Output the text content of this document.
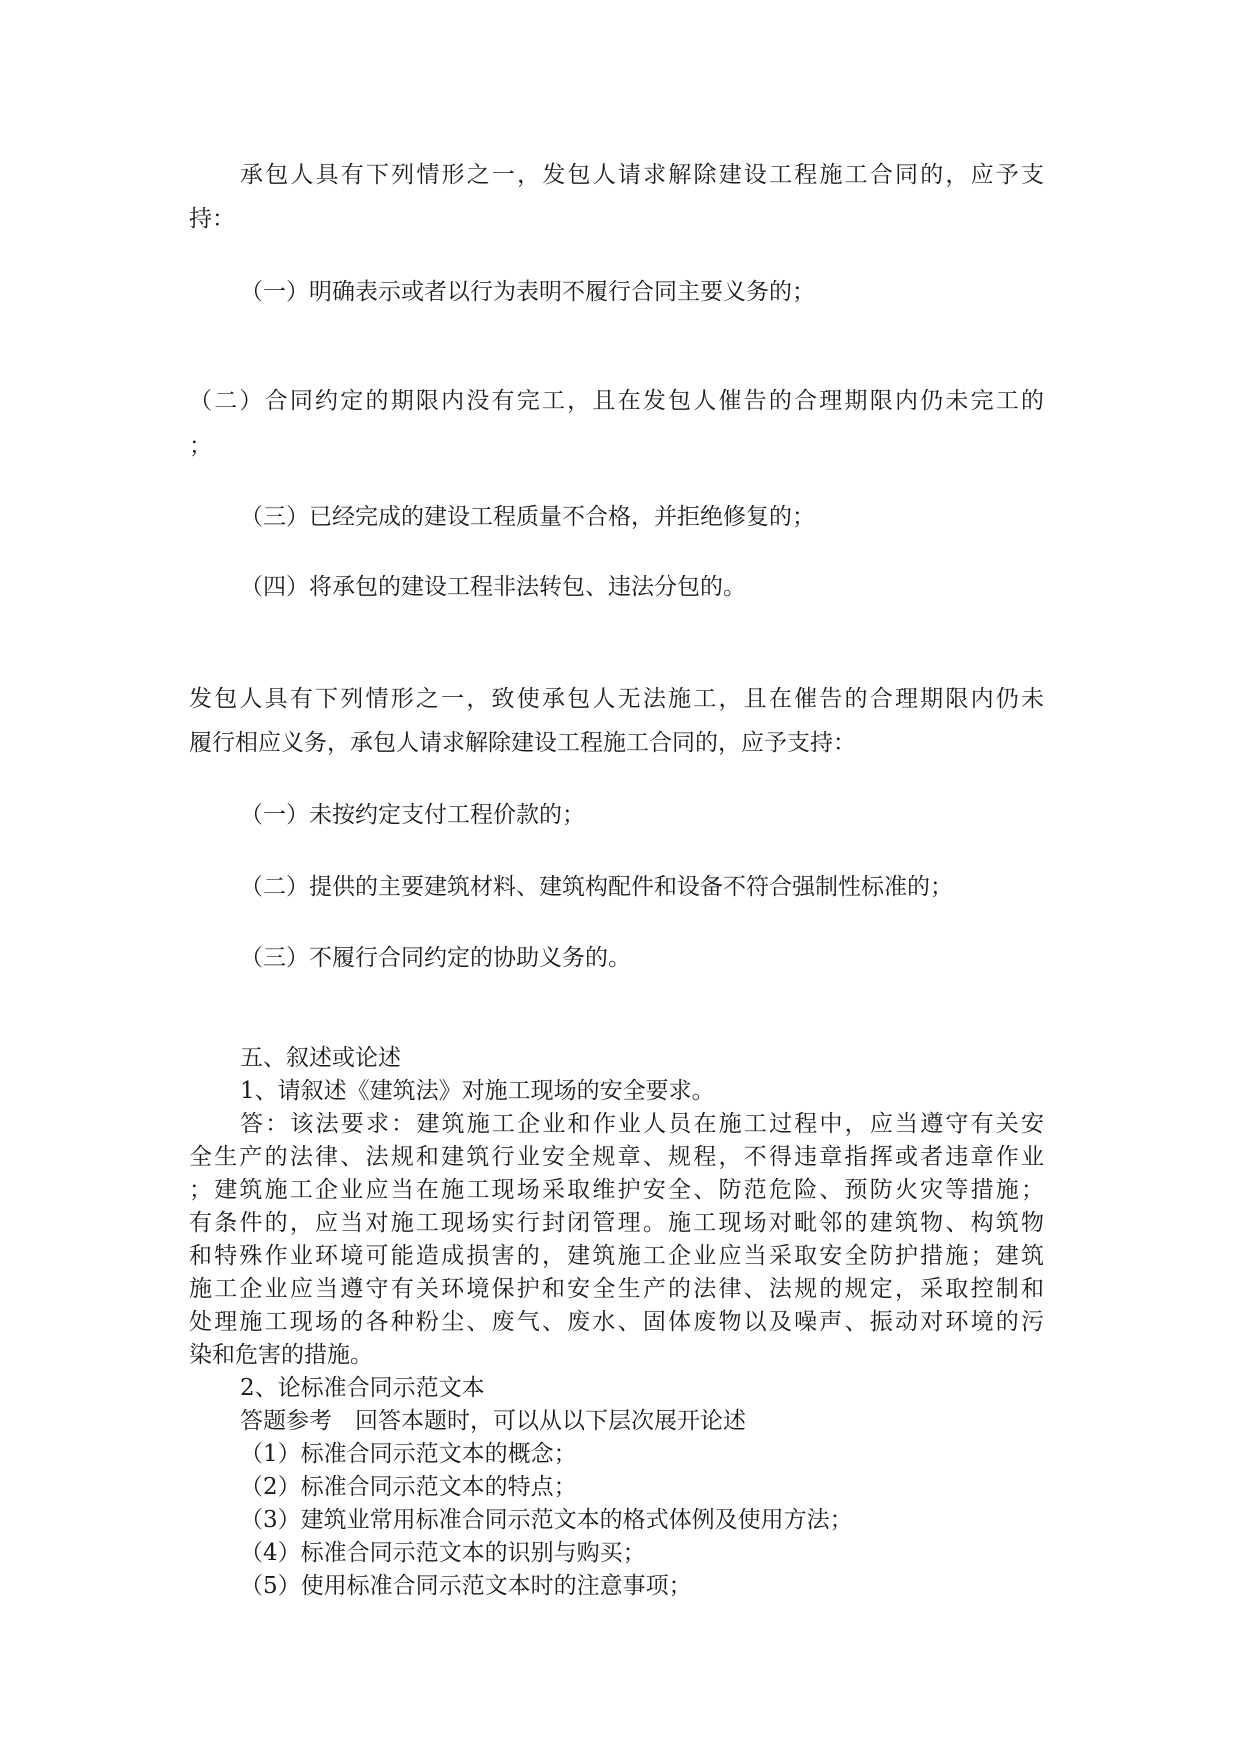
承包人具有下列情形之一，发包人请求解除建设工程施工合同的，应予支
持：
（一）明确表示或者以行为表明不履行合同主要义务的；
（二）合同约定的期限内没有完工，且在发包人催告的合理期限内仍未完工的
；
（三）已经完成的建设工程质量不合格，并拒绝修复的；
（四）将承包的建设工程非法转包、违法分包的。
发包人具有下列情形之一，致使承包人无法施工，且在催告的合理期限内仍未
履行相应义务，承包人请求解除建设工程施工合同的，应予支持：
（一）未按约定支付工程价款的；
（二）提供的主要建筑材料、建筑构配件和设备不符合强制性标准的；
（三）不履行合同约定的协助义务的。
五、叙述或论述
1、请叙述《建筑法》对施工现场的安全要求。
答：该法要求：建筑施工企业和作业人员在施工过程中，应当遵守有关安
全生产的法律、法规和建筑行业安全规章、规程，不得违章指挥或者违章作业
；建筑施工企业应当在施工现场采取维护安全、防范危险、预防火灾等措施；
有条件的，应当对施工现场实行封闭管理。施工现场对毗邻的建筑物、构筑物
和特殊作业环境可能造成损害的，建筑施工企业应当采取安全防护措施；建筑
施工企业应当遵守有关环境保护和安全生产的法律、法规的规定，采取控制和
处理施工现场的各种粉尘、废气、废水、固体废物以及噪声、振动对环境的污
染和危害的措施。
2、论标准合同示范文本
答题参考　回答本题时，可以从以下层次展开论述
（1）标准合同示范文本的概念；
（2）标准合同示范文本的特点；
（3）建筑业常用标准合同示范文本的格式体例及使用方法；
（4）标准合同示范文本的识别与购买；
（5）使用标准合同示范文本时的注意事项；
